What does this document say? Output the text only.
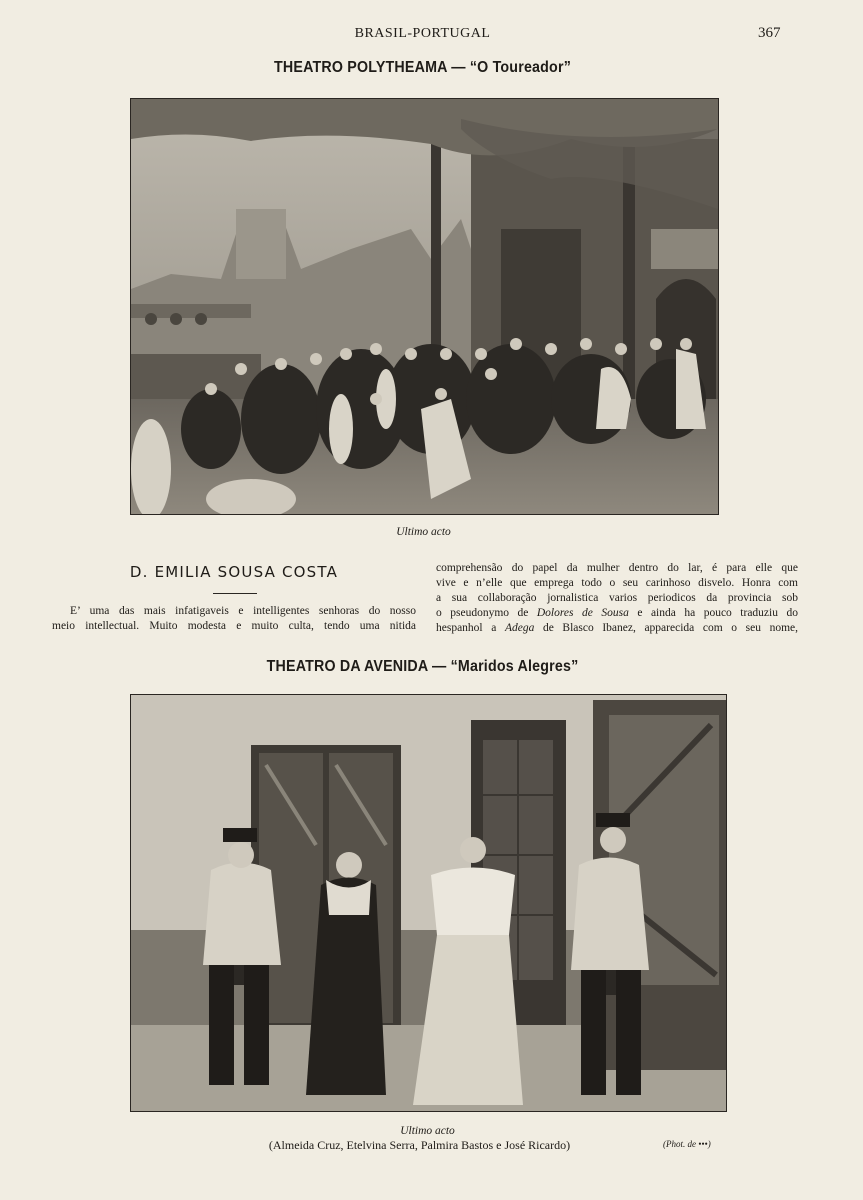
BRASIL-PORTUGAL	367
THEATRO POLYTHEAMA — “O Toureador”
Ultimo acto
D. EMILIA SOUSA COSTA
E’ uma das mais infatigaveis e intelligentes senhoras do nosso
meio intellectual. Muito modesta e muito culta, tendo uma nitida
comprehensão do papel da mulher dentro do lar, é para elle que
vive e n’elle que emprega todo o seu carinhoso disvelo. Honra com
a sua collaboração jornalistica varios periodicos da provincia sob
o pseudonymo de Dolores de Sousa e ainda ha pouco traduziu do
hespanhol a Adega de Blasco Ibanez, apparecida com o seu nome,
THEATRO DA AVENIDA — “Maridos Alegres”
Ultimo acto
(Almeida Cruz, Etelvina Serra, Palmira Bastos e José Ricardo)	(Phot. de •••)
